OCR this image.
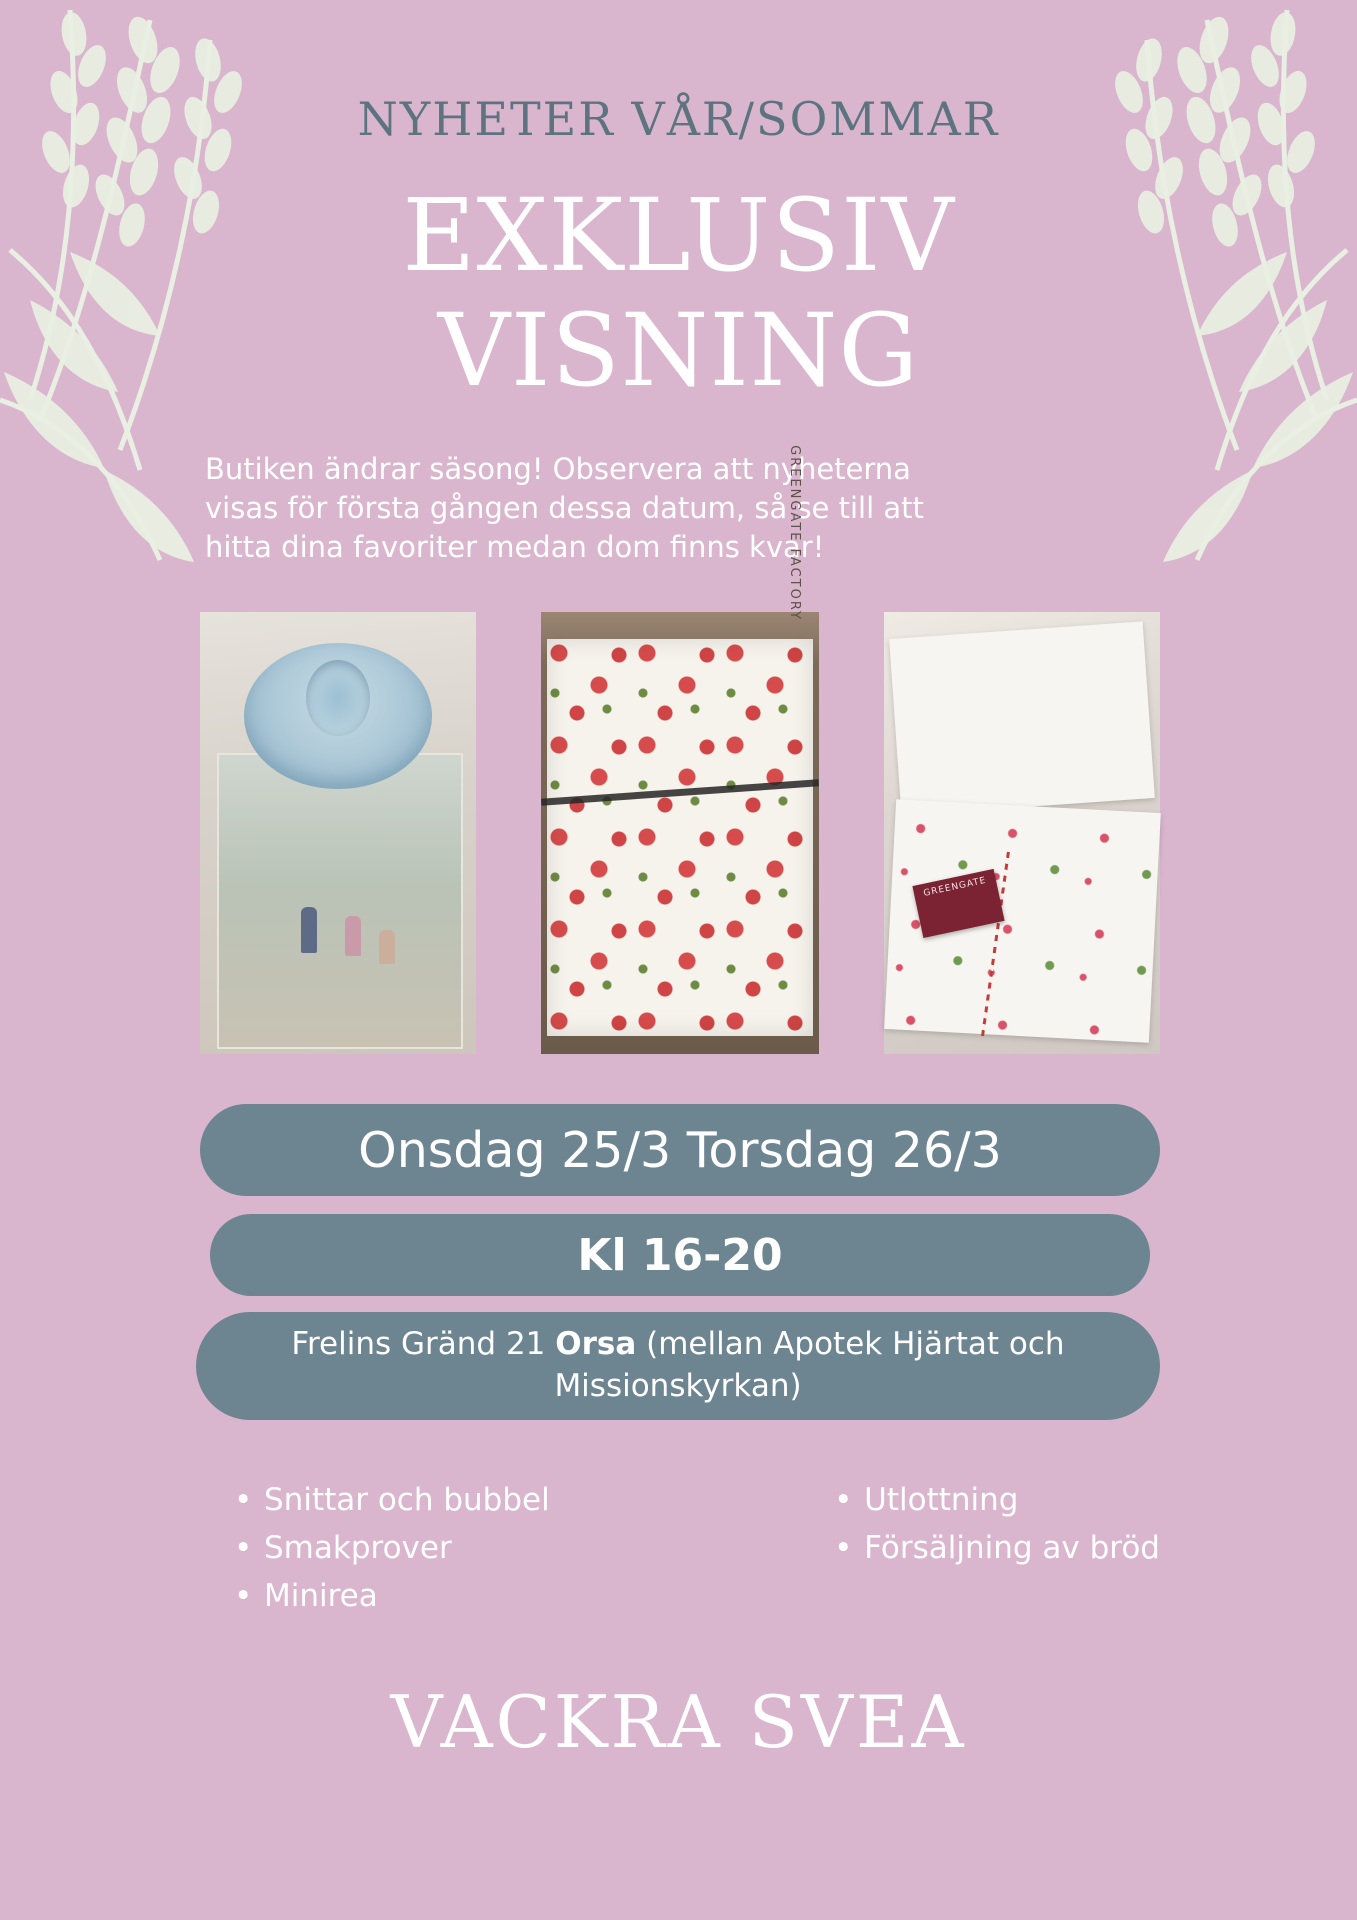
NYHETER VÅR/SOMMAR
EXKLUSIV
VISNING
Butiken ändrar säsong! Observera att nyheterna
visas för första gången dessa datum, så se till att
hitta dina favoriter medan dom finns kvar!
GREENGATE FACTORY
GREENGATE
Onsdag 25/3 Torsdag 26/3
Kl 16-20
Frelins Gränd 21 Orsa (mellan Apotek Hjärtat och Missionskyrkan)
• Snittar och bubbel
• Smakprover
• Minirea
• Utlottning
• Försäljning av bröd
VACKRA SVEA
